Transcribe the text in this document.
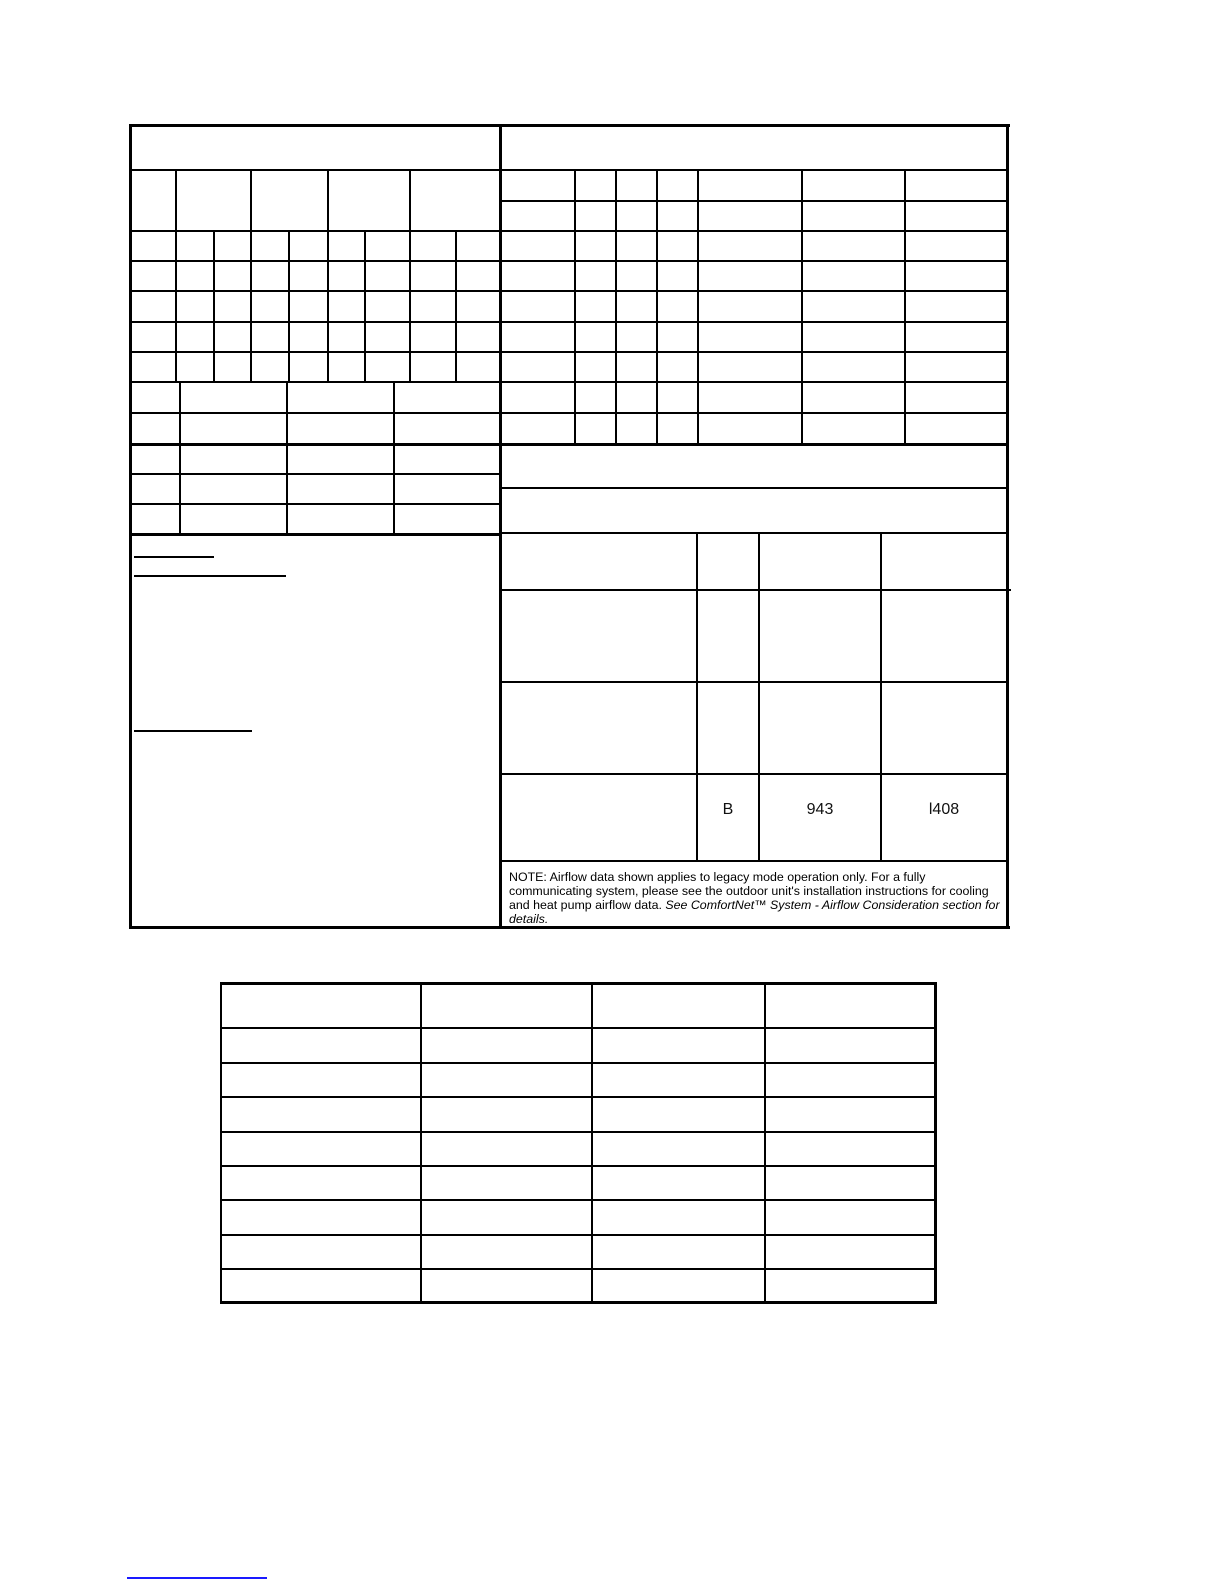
B	943	l408
NOTE: Airflow data shown applies to legacy mode operation only. For a fully communicating system, please see the outdoor unit's installation instructions for cooling and heat pump airflow data. See ComfortNet™ System - Airflow Consideration section for details.
